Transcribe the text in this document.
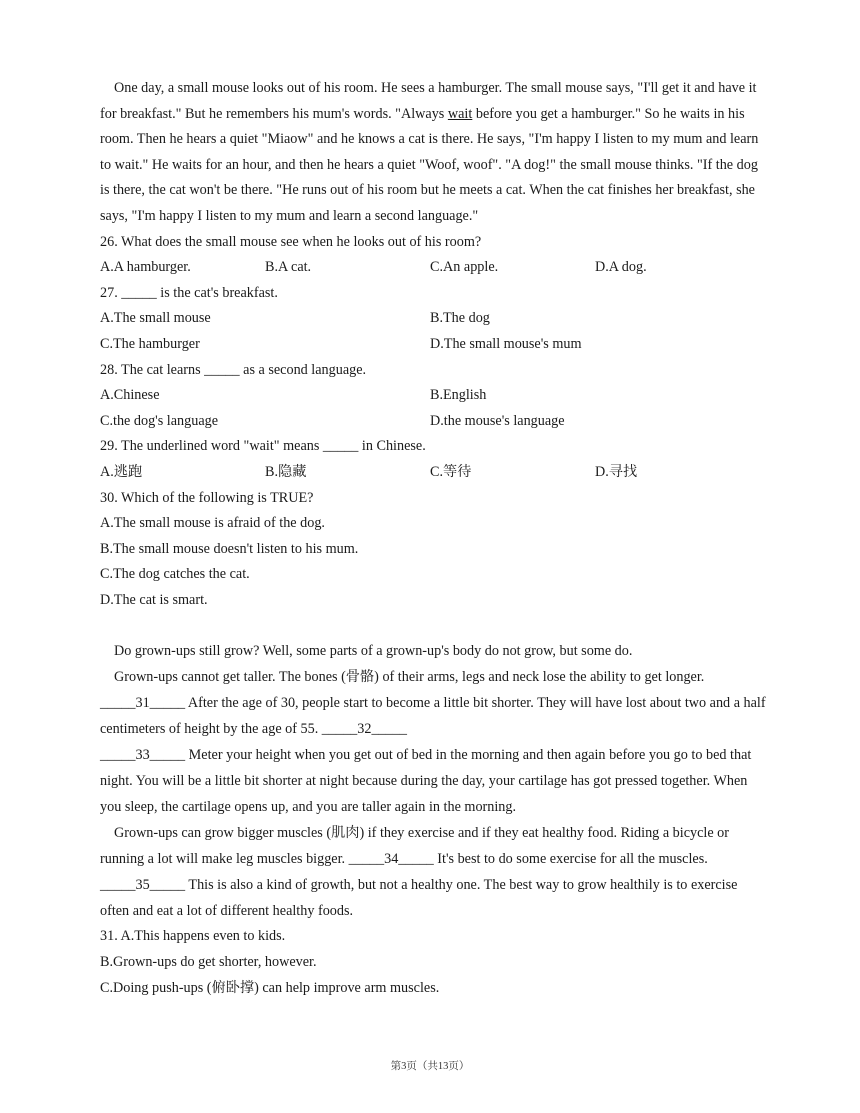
One day, a small mouse looks out of his room. He sees a hamburger. The small mouse says, "I'll get it and have it for breakfast." But he remembers his mum's words. "Always wait before you get a hamburger." So he waits in his room. Then he hears a quiet "Miaow" and he knows a cat is there. He says, "I'm happy I listen to my mum and learn to wait." He waits for an hour, and then he hears a quiet "Woof, woof". "A dog!" the small mouse thinks. "If the dog is there, the cat won't be there. "He runs out of his room but he meets a cat. When the cat finishes her breakfast, she says, "I'm happy I listen to my mum and learn a second language."

26. What does the small mouse see when he looks out of his room?

A.A hamburger.	B.A cat.	C.An apple.	D.A dog.

27. _____ is the cat's breakfast.

A.The small mouse	B.The dog
C.The hamburger	D.The small mouse's mum

28. The cat learns _____ as a second language.

A.Chinese	B.English
C.the dog's language	D.the mouse's language

29. The underlined word "wait" means _____ in Chinese.

A.逃跑	B.隐藏	C.等待	D.寻找

30. Which of the following is TRUE?

A.The small mouse is afraid of the dog.

B.The small mouse doesn't listen to his mum.

C.The dog catches the cat.

D.The cat is smart.

Do grown-ups still grow? Well, some parts of a grown-up's body do not grow, but some do.

Grown-ups cannot get taller. The bones (骨骼) of their arms, legs and neck lose the ability to get longer.

_____31_____ After the age of 30, people start to become a little bit shorter. They will have lost about two and a half centimeters of height by the age of 55. _____32_____

_____33_____ Meter your height when you get out of bed in the morning and then again before you go to bed that night. You will be a little bit shorter at night because during the day, your cartilage has got pressed together. When you sleep, the cartilage opens up, and you are taller again in the morning.

Grown-ups can grow bigger muscles (肌肉) if they exercise and if they eat healthy food. Riding a bicycle or running a lot will make leg muscles bigger. _____34_____ It's best to do some exercise for all the muscles.

_____35_____ This is also a kind of growth, but not a healthy one. The best way to grow healthily is to exercise often and eat a lot of different healthy foods.

31. A.This happens even to kids.

B.Grown-ups do get shorter, however.

C.Doing push-ups (俯卧撑) can help improve arm muscles.

第3页（共13页）
